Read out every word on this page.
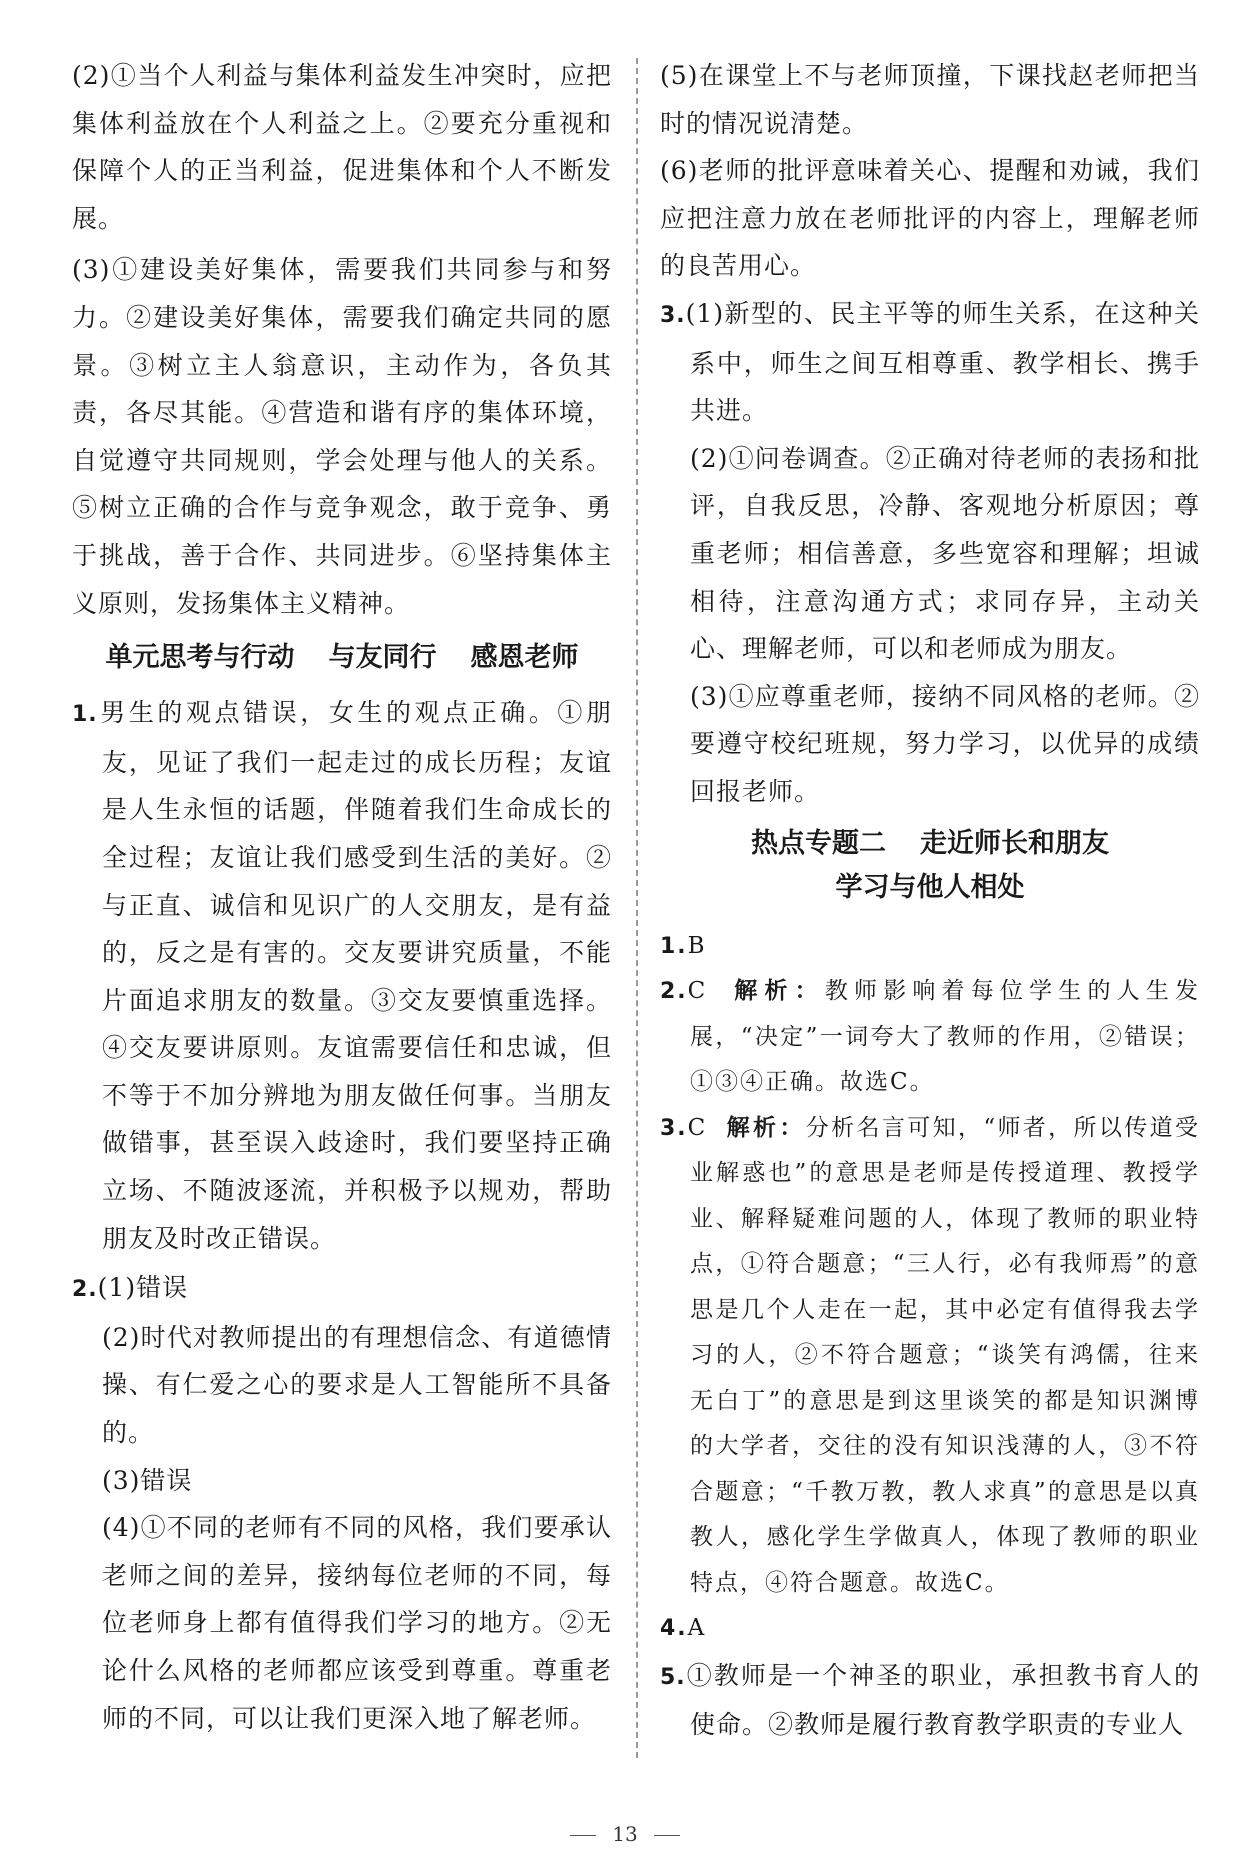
(2)①当个人利益与集体利益发生冲突时，应把集体利益放在个人利益之上。②要充分重视和保障个人的正当利益，促进集体和个人不断发展。

(3)①建设美好集体，需要我们共同参与和努力。②建设美好集体，需要我们确定共同的愿景。③树立主人翁意识，主动作为，各负其责，各尽其能。④营造和谐有序的集体环境，自觉遵守共同规则，学会处理与他人的关系。⑤树立正确的合作与竞争观念，敢于竞争、勇于挑战，善于合作、共同进步。⑥坚持集体主义原则，发扬集体主义精神。

单元思考与行动 与友同行 感恩老师

1.男生的观点错误，女生的观点正确。①朋友，见证了我们一起走过的成长历程；友谊是人生永恒的话题，伴随着我们生命成长的全过程；友谊让我们感受到生活的美好。②与正直、诚信和见识广的人交朋友，是有益的，反之是有害的。交友要讲究质量，不能片面追求朋友的数量。③交友要慎重选择。④交友要讲原则。友谊需要信任和忠诚，但不等于不加分辨地为朋友做任何事。当朋友做错事，甚至误入歧途时，我们要坚持正确立场、不随波逐流，并积极予以规劝，帮助朋友及时改正错误。

2.(1)错误

(2)时代对教师提出的有理想信念、有道德情操、有仁爱之心的要求是人工智能所不具备的。

(3)错误

(4)①不同的老师有不同的风格，我们要承认老师之间的差异，接纳每位老师的不同，每位老师身上都有值得我们学习的地方。②无论什么风格的老师都应该受到尊重。尊重老师的不同，可以让我们更深入地了解老师。

(5)在课堂上不与老师顶撞，下课找赵老师把当时的情况说清楚。

(6)老师的批评意味着关心、提醒和劝诫，我们应把注意力放在老师批评的内容上，理解老师的良苦用心。

3.(1)新型的、民主平等的师生关系，在这种关系中，师生之间互相尊重、教学相长、携手共进。

(2)①问卷调查。②正确对待老师的表扬和批评，自我反思，冷静、客观地分析原因；尊重老师；相信善意，多些宽容和理解；坦诚相待，注意沟通方式；求同存异，主动关心、理解老师，可以和老师成为朋友。

(3)①应尊重老师，接纳不同风格的老师。②要遵守校纪班规，努力学习，以优异的成绩回报老师。

热点专题二 走近师长和朋友
学习与他人相处

1.B

2.C 解析：教师影响着每位学生的人生发展，“决定”一词夸大了教师的作用，②错误；①③④正确。故选C。

3.C 解析：分析名言可知，“师者，所以传道受业解惑也”的意思是老师是传授道理、教授学业、解释疑难问题的人，体现了教师的职业特点，①符合题意；“三人行，必有我师焉”的意思是几个人走在一起，其中必定有值得我去学习的人，②不符合题意；“谈笑有鸿儒，往来无白丁”的意思是到这里谈笑的都是知识渊博的大学者，交往的没有知识浅薄的人，③不符合题意；“千教万教，教人求真”的意思是以真教人，感化学生学做真人，体现了教师的职业特点，④符合题意。故选C。

4.A

5.①教师是一个神圣的职业，承担教书育人的使命。②教师是履行教育教学职责的专业人

13
